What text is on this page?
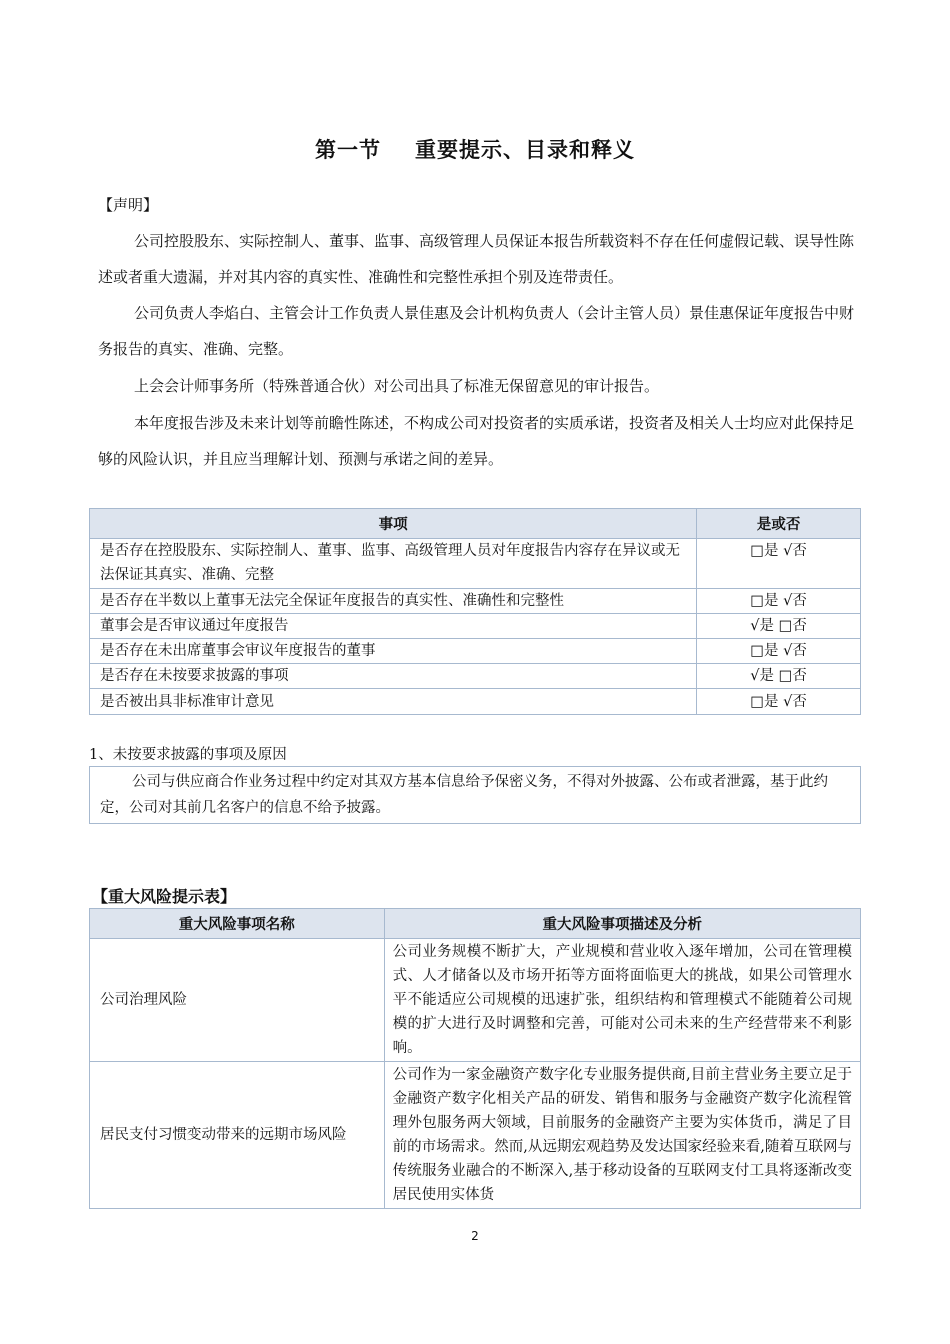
第一节 重要提示、目录和释义
【声明】
公司控股股东、实际控制人、董事、监事、高级管理人员保证本报告所载资料不存在任何虚假记载、误导性陈述或者重大遗漏，并对其内容的真实性、准确性和完整性承担个别及连带责任。
公司负责人李焰白、主管会计工作负责人景佳惠及会计机构负责人（会计主管人员）景佳惠保证年度报告中财务报告的真实、准确、完整。
上会会计师事务所（特殊普通合伙）对公司出具了标准无保留意见的审计报告。
本年度报告涉及未来计划等前瞻性陈述，不构成公司对投资者的实质承诺，投资者及相关人士均应对此保持足够的风险认识，并且应当理解计划、预测与承诺之间的差异。
事项	是或否
是否存在控股股东、实际控制人、董事、监事、高级管理人员对年度报告内容存在异议或无法保证其真实、准确、完整	□是 √否
是否存在半数以上董事无法完全保证年度报告的真实性、准确性和完整性	□是 √否
董事会是否审议通过年度报告	√是 □否
是否存在未出席董事会审议年度报告的董事	□是 √否
是否存在未按要求披露的事项	√是 □否
是否被出具非标准审计意见	□是 √否
1、未按要求披露的事项及原因
公司与供应商合作业务过程中约定对其双方基本信息给予保密义务，不得对外披露、公布或者泄露，基于此约定，公司对其前几名客户的信息不给予披露。
【重大风险提示表】
重大风险事项名称	重大风险事项描述及分析
公司治理风险	公司业务规模不断扩大，产业规模和营业收入逐年增加，公司在管理模式、人才储备以及市场开拓等方面将面临更大的挑战，如果公司管理水平不能适应公司规模的迅速扩张，组织结构和管理模式不能随着公司规模的扩大进行及时调整和完善，可能对公司未来的生产经营带来不利影响。
居民支付习惯变动带来的远期市场风险	公司作为一家金融资产数字化专业服务提供商,目前主营业务主要立足于金融资产数字化相关产品的研发、销售和服务与金融资产数字化流程管理外包服务两大领域，目前服务的金融资产主要为实体货币，满足了目前的市场需求。然而,从远期宏观趋势及发达国家经验来看,随着互联网与传统服务业融合的不断深入,基于移动设备的互联网支付工具将逐渐改变居民使用实体货
2
